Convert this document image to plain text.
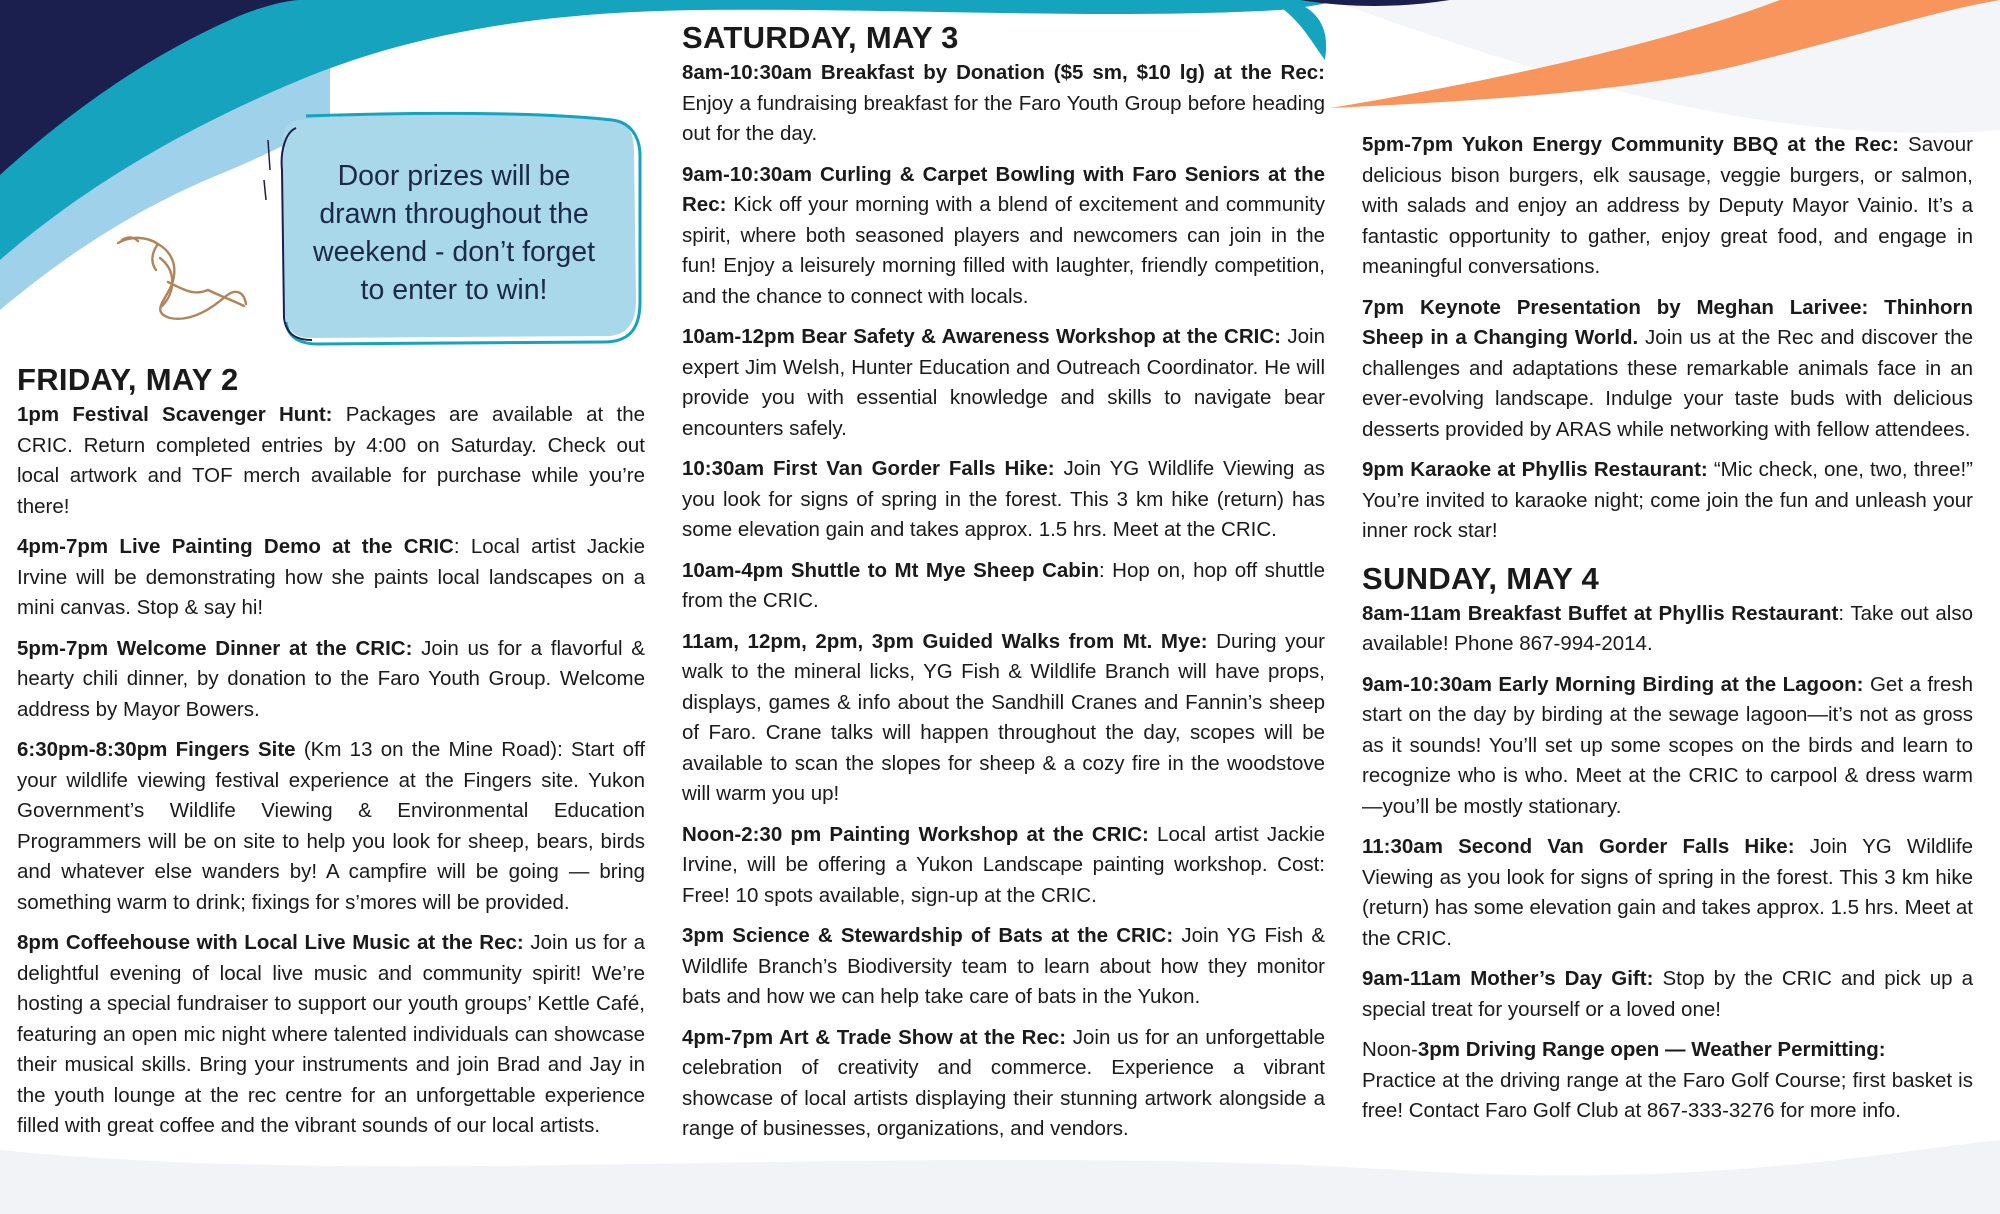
Door prizes will be drawn throughout the weekend - don’t forget to enter to win!
FRIDAY, MAY 2

1pm Festival Scavenger Hunt: Packages are available at the CRIC. Return completed entries by 4:00 on Saturday. Check out local artwork and TOF merch available for purchase while you’re there!

4pm-7pm Live Painting Demo at the CRIC: Local artist Jackie Irvine will be demonstrating how she paints local landscapes on a mini canvas. Stop & say hi!

5pm-7pm Welcome Dinner at the CRIC: Join us for a flavorful & hearty chili dinner, by donation to the Faro Youth Group. Welcome address by Mayor Bowers.

6:30pm-8:30pm Fingers Site (Km 13 on the Mine Road): Start off your wildlife viewing festival experience at the Fingers site. Yukon Government’s Wildlife Viewing & Environmental Education Programmers will be on site to help you look for sheep, bears, birds and whatever else wanders by! A campfire will be going — bring something warm to drink; fixings for s’mores will be provided.

8pm Coffeehouse with Local Live Music at the Rec: Join us for a delightful evening of local live music and community spirit! We’re hosting a special fundraiser to support our youth groups’ Kettle Café, featuring an open mic night where talented individuals can showcase their musical skills. Bring your instruments and join Brad and Jay in the youth lounge at the rec centre for an unforgettable experience filled with great coffee and the vibrant sounds of our local artists.

SATURDAY, MAY 3

8am-10:30am Breakfast by Donation ($5 sm, $10 lg) at the Rec: Enjoy a fundraising breakfast for the Faro Youth Group before heading out for the day.

9am-10:30am Curling & Carpet Bowling with Faro Seniors at the Rec: Kick off your morning with a blend of excitement and community spirit, where both seasoned players and newcomers can join in the fun! Enjoy a leisurely morning filled with laughter, friendly competition, and the chance to connect with locals.

10am-12pm Bear Safety & Awareness Workshop at the CRIC: Join expert Jim Welsh, Hunter Education and Outreach Coordinator. He will provide you with essential knowledge and skills to navigate bear encounters safely.

10:30am First Van Gorder Falls Hike: Join YG Wildlife Viewing as you look for signs of spring in the forest. This 3 km hike (return) has some elevation gain and takes approx. 1.5 hrs. Meet at the CRIC.

10am-4pm Shuttle to Mt Mye Sheep Cabin: Hop on, hop off shuttle from the CRIC.

11am, 12pm, 2pm, 3pm Guided Walks from Mt. Mye: During your walk to the mineral licks, YG Fish & Wildlife Branch will have props, displays, games & info about the Sandhill Cranes and Fannin’s sheep of Faro. Crane talks will happen throughout the day, scopes will be available to scan the slopes for sheep & a cozy fire in the woodstove will warm you up!

Noon-2:30 pm Painting Workshop at the CRIC: Local artist Jackie Irvine, will be offering a Yukon Landscape painting workshop. Cost: Free! 10 spots available, sign-up at the CRIC.

3pm Science & Stewardship of Bats at the CRIC: Join YG Fish & Wildlife Branch’s Biodiversity team to learn about how they monitor bats and how we can help take care of bats in the Yukon.

4pm-7pm Art & Trade Show at the Rec: Join us for an unforgettable celebration of creativity and commerce. Experience a vibrant showcase of local artists displaying their stunning artwork alongside a range of businesses, organizations, and vendors.

5pm-7pm Yukon Energy Community BBQ at the Rec: Savour delicious bison burgers, elk sausage, veggie burgers, or salmon, with salads and enjoy an address by Deputy Mayor Vainio. It’s a fantastic opportunity to gather, enjoy great food, and engage in meaningful conversations.

7pm Keynote Presentation by Meghan Larivee: Thinhorn Sheep in a Changing World. Join us at the Rec and discover the challenges and adaptations these remarkable animals face in an ever-evolving landscape. Indulge your taste buds with delicious desserts provided by ARAS while networking with fellow attendees.

9pm Karaoke at Phyllis Restaurant: “Mic check, one, two, three!” You’re invited to karaoke night; come join the fun and unleash your inner rock star!

SUNDAY, MAY 4

8am-11am Breakfast Buffet at Phyllis Restaurant: Take out also available! Phone 867-994-2014.

9am-10:30am Early Morning Birding at the Lagoon: Get a fresh start on the day by birding at the sewage lagoon—it’s not as gross as it sounds! You’ll set up some scopes on the birds and learn to recognize who is who. Meet at the CRIC to carpool & dress warm—you’ll be mostly stationary.

11:30am Second Van Gorder Falls Hike: Join YG Wildlife Viewing as you look for signs of spring in the forest. This 3 km hike (return) has some elevation gain and takes approx. 1.5 hrs. Meet at the CRIC.

9am-11am Mother’s Day Gift: Stop by the CRIC and pick up a special treat for yourself or a loved one!

Noon-3pm Driving Range open — Weather Permitting:

Practice at the driving range at the Faro Golf Course; first basket is free! Contact Faro Golf Club at 867-333-3276 for more info.
